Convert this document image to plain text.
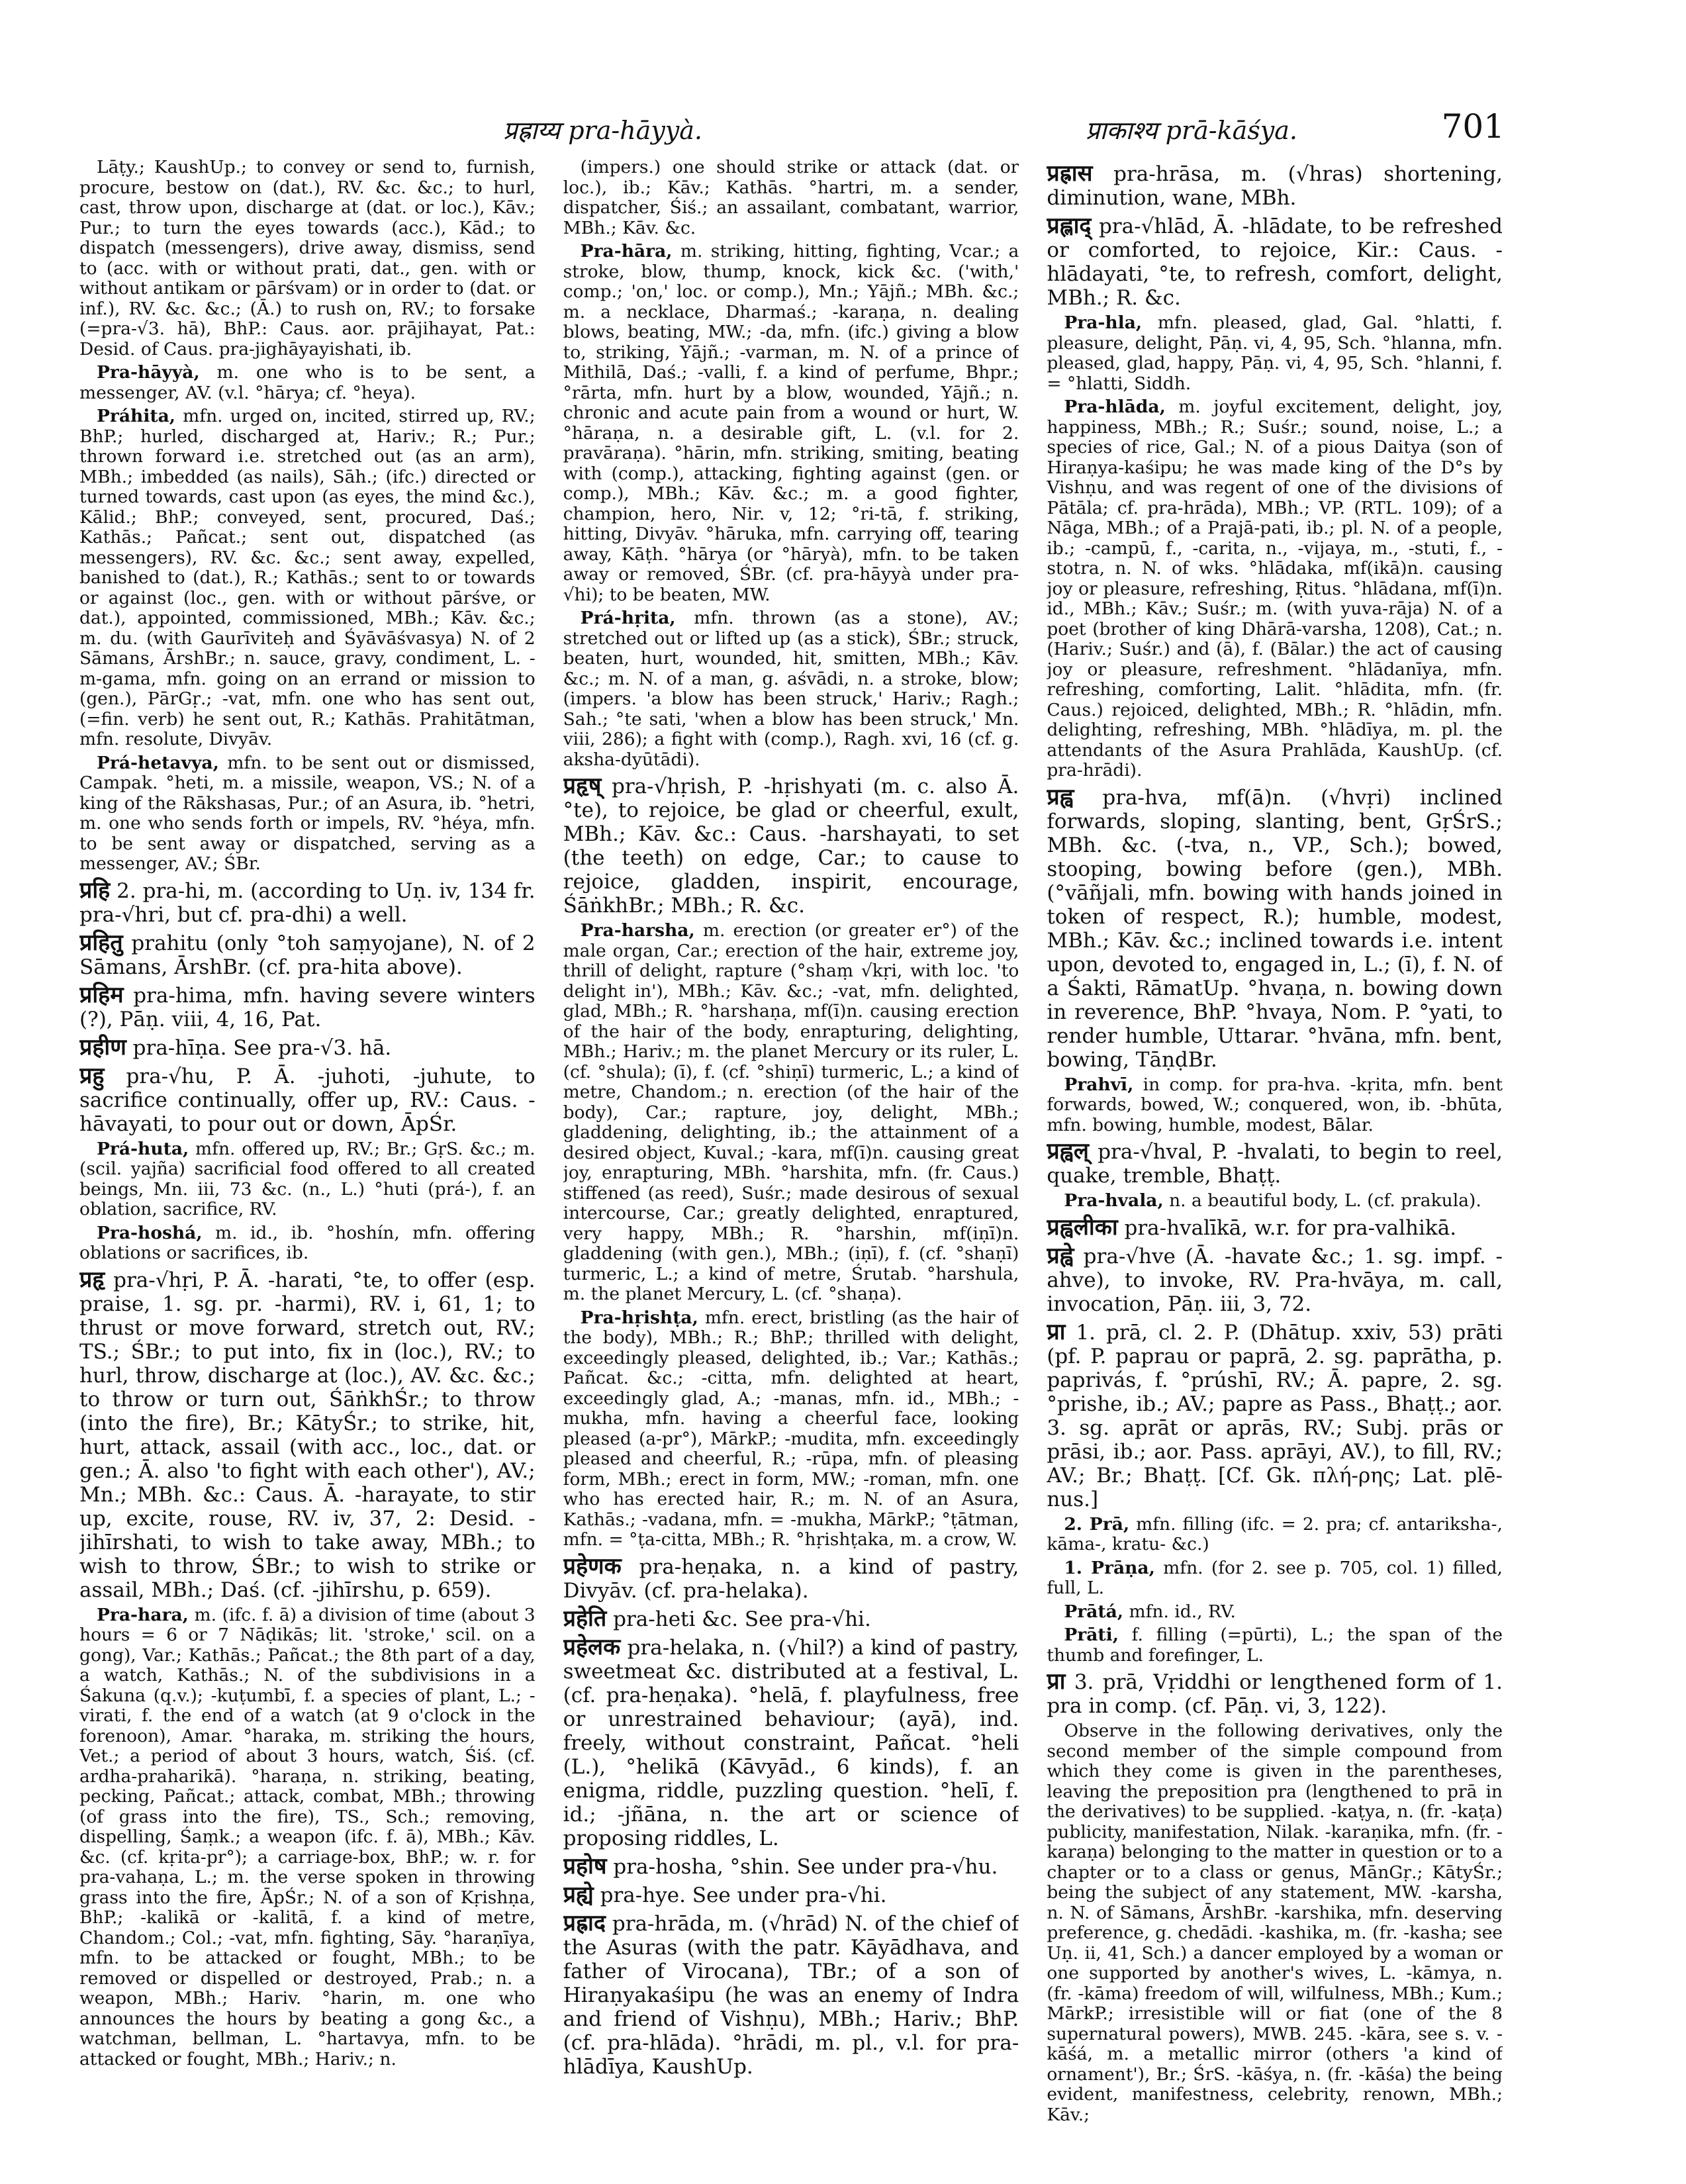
प्रह्राय्य pra-hāyyà.	प्राकाश्य prā-kāśya.	701

Lāṭy.; KaushUp.; to convey or send to, furnish, procure, bestow on (dat.), RV. &c. &c.; to hurl, cast, throw upon, discharge at (dat. or loc.), Kāv.; Pur.; to turn the eyes towards (acc.), Kād.; to dispatch (messengers), drive away, dismiss, send to (acc. with or without prati, dat., gen. with or without antikam or pārśvam) or in order to (dat. or inf.), RV. &c. &c.; (Ā.) to rush on, RV.; to forsake (=pra-√3. hā), BhP.: Caus. aor. prājihayat, Pat.: Desid. of Caus. pra-jighāyayishati, ib.

Pra-hāyyà, m. one who is to be sent, a messenger, AV. (v.l. °hārya; cf. °heya).

Práhita, mfn. urged on, incited, stirred up, RV.; BhP.; hurled, discharged at, Hariv.; R.; Pur.; thrown forward i.e. stretched out (as an arm), MBh.; imbedded (as nails), Sāh.; (ifc.) directed or turned towards, cast upon (as eyes, the mind &c.), Kālid.; BhP.; conveyed, sent, procured, Daś.; Kathās.; Pañcat.; sent out, dispatched (as messengers), RV. &c. &c.; sent away, expelled, banished to (dat.), R.; Kathās.; sent to or towards or against (loc., gen. with or without pārśve, or dat.), appointed, commissioned, MBh.; Kāv. &c.; m. du. (with Gaurīviteḥ and Śyāvāśvasya) N. of 2 Sāmans, ĀrshBr.; n. sauce, gravy, condiment, L. -m-gama, mfn. going on an errand or mission to (gen.), PārGṛ.; -vat, mfn. one who has sent out, (=fin. verb) he sent out, R.; Kathās. Prahitātman, mfn. resolute, Divyāv.

Prá-hetavya, mfn. to be sent out or dismissed, Campak. °heti, m. a missile, weapon, VS.; N. of a king of the Rākshasas, Pur.; of an Asura, ib. °hetri, m. one who sends forth or impels, RV. °héya, mfn. to be sent away or dispatched, serving as a messenger, AV.; ŚBr.

प्रहि 2. pra-hi, m. (according to Uṇ. iv, 134 fr. pra-√hri, but cf. pra-dhi) a well.

प्रहितु prahitu (only °toh saṃyojane), N. of 2 Sāmans, ĀrshBr. (cf. pra-hita above).

प्रहिम pra-hima, mfn. having severe winters (?), Pāṇ. viii, 4, 16, Pat.

प्रहीण pra-hīṇa. See pra-√3. hā.

प्रहु pra-√hu, P. Ā. -juhoti, -juhute, to sacrifice continually, offer up, RV.: Caus. -hāvayati, to pour out or down, ĀpŚr.

Prá-huta, mfn. offered up, RV.; Br.; GṛS. &c.; m. (scil. yajña) sacrificial food offered to all created beings, Mn. iii, 73 &c. (n., L.) °huti (prá-), f. an oblation, sacrifice, RV.

Pra-hoshá, m. id., ib. °hoshín, mfn. offering oblations or sacrifices, ib.

प्रहृ pra-√hṛi, P. Ā. -harati, °te, to offer (esp. praise, 1. sg. pr. -harmi), RV. i, 61, 1; to thrust or move forward, stretch out, RV.; TS.; ŚBr.; to put into, fix in (loc.), RV.; to hurl, throw, discharge at (loc.), AV. &c. &c.; to throw or turn out, ŚāṅkhŚr.; to throw (into the fire), Br.; KātyŚr.; to strike, hit, hurt, attack, assail (with acc., loc., dat. or gen.; Ā. also 'to fight with each other'), AV.; Mn.; MBh. &c.: Caus. Ā. -harayate, to stir up, excite, rouse, RV. iv, 37, 2: Desid. -jihīrshati, to wish to take away, MBh.; to wish to throw, ŚBr.; to wish to strike or assail, MBh.; Daś. (cf. -jihīrshu, p. 659).

Pra-hara, m. (ifc. f. ā) a division of time (about 3 hours = 6 or 7 Nāḍikās; lit. 'stroke,' scil. on a gong), Var.; Kathās.; Pañcat.; the 8th part of a day, a watch, Kathās.; N. of the subdivisions in a Śakuna (q.v.); -kuṭumbī, f. a species of plant, L.; -virati, f. the end of a watch (at 9 o'clock in the forenoon), Amar. °haraka, m. striking the hours, Vet.; a period of about 3 hours, watch, Śiś. (cf. ardha-praharikā). °haraṇa, n. striking, beating, pecking, Pañcat.; attack, combat, MBh.; throwing (of grass into the fire), TS., Sch.; removing, dispelling, Śaṃk.; a weapon (ifc. f. ā), MBh.; Kāv. &c. (cf. kṛita-pr°); a carriage-box, BhP.; w. r. for pra-vahaṇa, L.; m. the verse spoken in throwing grass into the fire, ĀpŚr.; N. of a son of Kṛishṇa, BhP.; -kalikā or -kalitā, f. a kind of metre, Chandom.; Col.; -vat, mfn. fighting, Sāy. °haraṇīya, mfn. to be attacked or fought, MBh.; to be removed or dispelled or destroyed, Prab.; n. a weapon, MBh.; Hariv. °harin, m. one who announces the hours by beating a gong &c., a watchman, bellman, L. °hartavya, mfn. to be attacked or fought, MBh.; Hariv.; n.

(impers.) one should strike or attack (dat. or loc.), ib.; Kāv.; Kathās. °hartri, m. a sender, dispatcher, Śiś.; an assailant, combatant, warrior, MBh.; Kāv. &c.

Pra-hāra, m. striking, hitting, fighting, Vcar.; a stroke, blow, thump, knock, kick &c. ('with,' comp.; 'on,' loc. or comp.), Mn.; Yājñ.; MBh. &c.; m. a necklace, Dharmaś.; -karaṇa, n. dealing blows, beating, MW.; -da, mfn. (ifc.) giving a blow to, striking, Yājñ.; -varman, m. N. of a prince of Mithilā, Daś.; -valli, f. a kind of perfume, Bhpr.; °rārta, mfn. hurt by a blow, wounded, Yājñ.; n. chronic and acute pain from a wound or hurt, W. °hāraṇa, n. a desirable gift, L. (v.l. for 2. pravāraṇa). °hārin, mfn. striking, smiting, beating with (comp.), attacking, fighting against (gen. or comp.), MBh.; Kāv. &c.; m. a good fighter, champion, hero, Nir. v, 12; °ri-tā, f. striking, hitting, Divyāv. °hāruka, mfn. carrying off, tearing away, Kāṭh. °hārya (or °hāryà), mfn. to be taken away or removed, ŚBr. (cf. pra-hāyyà under pra-√hi); to be beaten, MW.

Prá-hṛita, mfn. thrown (as a stone), AV.; stretched out or lifted up (as a stick), ŚBr.; struck, beaten, hurt, wounded, hit, smitten, MBh.; Kāv. &c.; m. N. of a man, g. aśvādi, n. a stroke, blow; (impers. 'a blow has been struck,' Hariv.; Ragh.; Sah.; °te sati, 'when a blow has been struck,' Mn. viii, 286); a fight with (comp.), Ragh. xvi, 16 (cf. g. aksha-dyūtādi).

प्रहृष् pra-√hṛish, P. -hṛishyati (m. c. also Ā. °te), to rejoice, be glad or cheerful, exult, MBh.; Kāv. &c.: Caus. -harshayati, to set (the teeth) on edge, Car.; to cause to rejoice, gladden, inspirit, encourage, ŚāṅkhBr.; MBh.; R. &c.

Pra-harsha, m. erection (or greater er°) of the male organ, Car.; erection of the hair, extreme joy, thrill of delight, rapture (°shaṃ √kṛi, with loc. 'to delight in'), MBh.; Kāv. &c.; -vat, mfn. delighted, glad, MBh.; R. °harshaṇa, mf(ī)n. causing erection of the hair of the body, enrapturing, delighting, MBh.; Hariv.; m. the planet Mercury or its ruler, L. (cf. °shula); (ī), f. (cf. °shiṇī) turmeric, L.; a kind of metre, Chandom.; n. erection (of the hair of the body), Car.; rapture, joy, delight, MBh.; gladdening, delighting, ib.; the attainment of a desired object, Kuval.; -kara, mf(ī)n. causing great joy, enrapturing, MBh. °harshita, mfn. (fr. Caus.) stiffened (as reed), Suśr.; made desirous of sexual intercourse, Car.; greatly delighted, enraptured, very happy, MBh.; R. °harshin, mf(iṇī)n. gladdening (with gen.), MBh.; (iṇī), f. (cf. °shaṇī) turmeric, L.; a kind of metre, Śrutab. °harshula, m. the planet Mercury, L. (cf. °shaṇa).

Pra-hṛishṭa, mfn. erect, bristling (as the hair of the body), MBh.; R.; BhP.; thrilled with delight, exceedingly pleased, delighted, ib.; Var.; Kathās.; Pañcat. &c.; -citta, mfn. delighted at heart, exceedingly glad, A.; -manas, mfn. id., MBh.; -mukha, mfn. having a cheerful face, looking pleased (a-pr°), MārkP.; -mudita, mfn. exceedingly pleased and cheerful, R.; -rūpa, mfn. of pleasing form, MBh.; erect in form, MW.; -roman, mfn. one who has erected hair, R.; m. N. of an Asura, Kathās.; -vadana, mfn. = -mukha, MārkP.; °ṭātman, mfn. = °ṭa-citta, MBh.; R. °hṛishṭaka, m. a crow, W.

प्रहेणक pra-heṇaka, n. a kind of pastry, Divyāv. (cf. pra-helaka).

प्रहेति pra-heti &c. See pra-√hi.

प्रहेलक pra-helaka, n. (√hil?) a kind of pastry, sweetmeat &c. distributed at a festival, L. (cf. pra-heṇaka). °helā, f. playfulness, free or unrestrained behaviour; (ayā), ind. freely, without constraint, Pañcat. °heli (L.), °helikā (Kāvyād., 6 kinds), f. an enigma, riddle, puzzling question. °helī, f. id.; -jñāna, n. the art or science of proposing riddles, L.

प्रहोष pra-hosha, °shin. See under pra-√hu.

प्रह्ये pra-hye. See under pra-√hi.

प्रह्राद pra-hrāda, m. (√hrād) N. of the chief of the Asuras (with the patr. Kāyādhava, and father of Virocana), TBr.; of a son of Hiraṇyakaśipu (he was an enemy of Indra and friend of Vishṇu), MBh.; Hariv.; BhP. (cf. pra-hlāda). °hrādi, m. pl., v.l. for pra-hlādīya, KaushUp.

प्रह्रास pra-hrāsa, m. (√hras) shortening, diminution, wane, MBh.

प्रह्लाद् pra-√hlād, Ā. -hlādate, to be refreshed or comforted, to rejoice, Kir.: Caus. -hlādayati, °te, to refresh, comfort, delight, MBh.; R. &c.

Pra-hla, mfn. pleased, glad, Gal. °hlatti, f. pleasure, delight, Pāṇ. vi, 4, 95, Sch. °hlanna, mfn. pleased, glad, happy, Pāṇ. vi, 4, 95, Sch. °hlanni, f. = °hlatti, Siddh.

Pra-hlāda, m. joyful excitement, delight, joy, happiness, MBh.; R.; Suśr.; sound, noise, L.; a species of rice, Gal.; N. of a pious Daitya (son of Hiraṇya-kaśipu; he was made king of the D°s by Vishṇu, and was regent of one of the divisions of Pātāla; cf. pra-hrāda), MBh.; VP. (RTL. 109); of a Nāga, MBh.; of a Prajā-pati, ib.; pl. N. of a people, ib.; -campū, f., -carita, n., -vijaya, m., -stuti, f., -stotra, n. N. of wks. °hlādaka, mf(ikā)n. causing joy or pleasure, refreshing, Ṛitus. °hlādana, mf(ī)n. id., MBh.; Kāv.; Suśr.; m. (with yuva-rāja) N. of a poet (brother of king Dhārā-varsha, 1208), Cat.; n. (Hariv.; Suśr.) and (ā), f. (Bālar.) the act of causing joy or pleasure, refreshment. °hlādanīya, mfn. refreshing, comforting, Lalit. °hlādita, mfn. (fr. Caus.) rejoiced, delighted, MBh.; R. °hlādin, mfn. delighting, refreshing, MBh. °hlādīya, m. pl. the attendants of the Asura Prahlāda, KaushUp. (cf. pra-hrādi).

प्रह्व pra-hva, mf(ā)n. (√hvṛi) inclined forwards, sloping, slanting, bent, GṛŚrS.; MBh. &c. (-tva, n., VP., Sch.); bowed, stooping, bowing before (gen.), MBh. (°vāñjali, mfn. bowing with hands joined in token of respect, R.); humble, modest, MBh.; Kāv. &c.; inclined towards i.e. intent upon, devoted to, engaged in, L.; (ī), f. N. of a Śakti, RāmatUp. °hvaṇa, n. bowing down in reverence, BhP. °hvaya, Nom. P. °yati, to render humble, Uttarar. °hvāna, mfn. bent, bowing, TāṇḍBr.

Prahvī, in comp. for pra-hva. -kṛita, mfn. bent forwards, bowed, W.; conquered, won, ib. -bhūta, mfn. bowing, humble, modest, Bālar.

प्रह्वल् pra-√hval, P. -hvalati, to begin to reel, quake, tremble, Bhaṭṭ.

Pra-hvala, n. a beautiful body, L. (cf. prakula).

प्रह्वलीका pra-hvalīkā, w.r. for pra-valhikā.

प्रह्वे pra-√hve (Ā. -havate &c.; 1. sg. impf. -ahve), to invoke, RV. Pra-hvāya, m. call, invocation, Pāṇ. iii, 3, 72.

प्रा 1. prā, cl. 2. P. (Dhātup. xxiv, 53) prāti (pf. P. paprau or paprā, 2. sg. paprātha, p. paprivás, f. °prúshī, RV.; Ā. papre, 2. sg. °prishe, ib.; AV.; papre as Pass., Bhaṭṭ.; aor. 3. sg. aprāt or aprās, RV.; Subj. prās or prāsi, ib.; aor. Pass. aprāyi, AV.), to fill, RV.; AV.; Br.; Bhaṭṭ. [Cf. Gk. πλή-ρης; Lat. plē-nus.]

2. Prā, mfn. filling (ifc. = 2. pra; cf. antariksha-, kāma-, kratu- &c.)

1. Prāṇa, mfn. (for 2. see p. 705, col. 1) filled, full, L.

Prātá, mfn. id., RV.

Prāti, f. filling (=pūrti), L.; the span of the thumb and forefinger, L.

प्रा 3. prā, Vṛiddhi or lengthened form of 1. pra in comp. (cf. Pāṇ. vi, 3, 122).

Observe in the following derivatives, only the second member of the simple compound from which they come is given in the parentheses, leaving the preposition pra (lengthened to prā in the derivatives) to be supplied. -kaṭya, n. (fr. -kaṭa) publicity, manifestation, Nilak. -karaṇika, mfn. (fr. -karaṇa) belonging to the matter in question or to a chapter or to a class or genus, MānGṛ.; KātyŚr.; being the subject of any statement, MW. -karsha, n. N. of Sāmans, ĀrshBr. -karshika, mfn. deserving preference, g. chedādi. -kashika, m. (fr. -kasha; see Uṇ. ii, 41, Sch.) a dancer employed by a woman or one supported by another's wives, L. -kāmya, n. (fr. -kāma) freedom of will, wilfulness, MBh.; Kum.; MārkP.; irresistible will or fiat (one of the 8 supernatural powers), MWB. 245. -kāra, see s. v. -kāśá, m. a metallic mirror (others 'a kind of ornament'), Br.; ŚrS. -kāśya, n. (fr. -kāśa) the being evident, manifestness, celebrity, renown, MBh.; Kāv.;
